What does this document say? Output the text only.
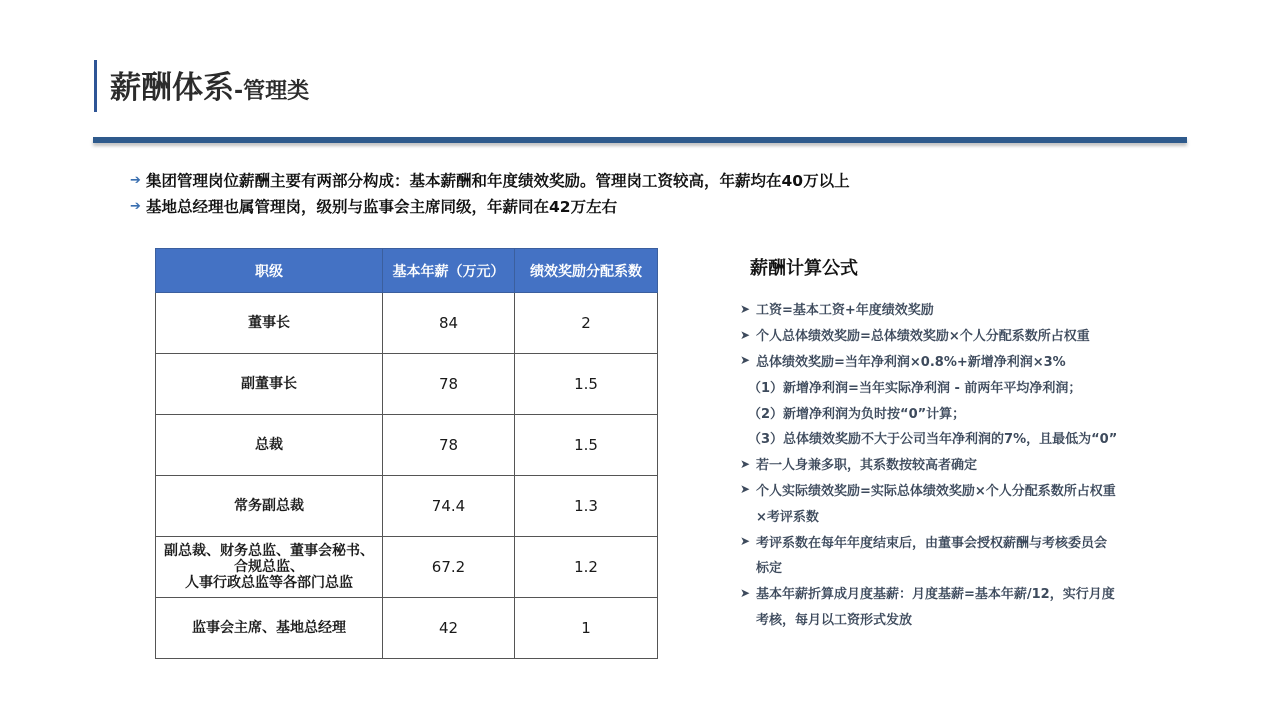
薪酬体系-管理类
➔ 集团管理岗位薪酬主要有两部分构成：基本薪酬和年度绩效奖励。管理岗工资较高，年薪均在40万以上
➔ 基地总经理也属管理岗，级别与监事会主席同级，年薪同在42万左右
职级	基本年薪（万元）	绩效奖励分配系数
董事长	84	2
副董事长	78	1.5
总裁	78	1.5
常务副总裁	74.4	1.3

副总裁、财务总监、董事会秘书、
合规总监、
人事行政总监等各部门总监	67.2	1.2
监事会主席、基地总经理	42	1
薪酬计算公式
➤ 工资=基本工资+年度绩效奖励
➤ 个人总体绩效奖励=总体绩效奖励×个人分配系数所占权重
➤ 总体绩效奖励=当年净利润×0.8%+新增净利润×3%
（1）新增净利润=当年实际净利润 - 前两年平均净利润；
（2）新增净利润为负时按“0”计算；
（3）总体绩效奖励不大于公司当年净利润的7%，且最低为“0”
➤ 若一人身兼多职，其系数按较高者确定
➤ 个人实际绩效奖励=实际总体绩效奖励×个人分配系数所占权重
×考评系数
➤ 考评系数在每年年度结束后，由董事会授权薪酬与考核委员会
标定
➤ 基本年薪折算成月度基薪：月度基薪=基本年薪/12，实行月度
考核，每月以工资形式发放
